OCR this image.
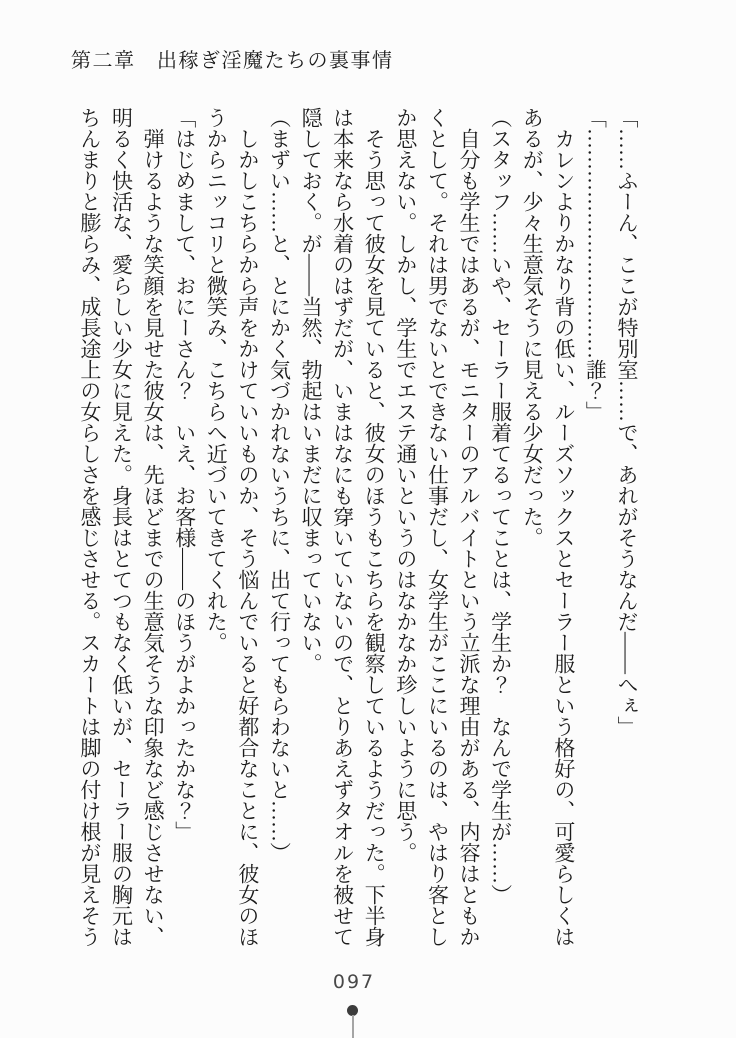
第二章　出稼ぎ淫魔たちの裏事情

「……ふーん、ここが特別室……で、あれがそうなんだ――へぇ」

「……………………………誰？」

　カレンよりかなり背の低い、ルーズソックスとセーラー服という格好の、可愛らしくは

あるが、少々生意気そうに見える少女だった。

（スタッフ……いや、セーラー服着てるってことは、学生か？　なんで学生が……）

　自分も学生ではあるが、モニターのアルバイトという立派な理由がある、内容はともか

くとして。それは男でないとできない仕事だし、女学生がここにいるのは、やはり客とし

か思えない。しかし、学生でエステ通いというのはなかなか珍しいように思う。

　そう思って彼女を見ていると、彼女のほうもこちらを観察しているようだった。下半身

は本来なら水着のはずだが、いまはなにも穿いていないので、とりあえずタオルを被せて

隠しておく。が――当然、勃起はいまだに収まっていない。

（まずい……と、とにかく気づかれないうちに、出て行ってもらわないと……）

　しかしこちらから声をかけていいものか、そう悩んでいると好都合なことに、彼女のほ

うからニッコリと微笑み、こちらへ近づいてきてくれた。

「はじめまして、おにーさん？　いえ、お客様――のほうがよかったかな？」

　弾けるような笑顔を見せた彼女は、先ほどまでの生意気そうな印象など感じさせない、

明るく快活な、愛らしい少女に見えた。身長はとてつもなく低いが、セーラー服の胸元は

ちんまりと膨らみ、成長途上の女らしさを感じさせる。スカートは脚の付け根が見えそう

097
